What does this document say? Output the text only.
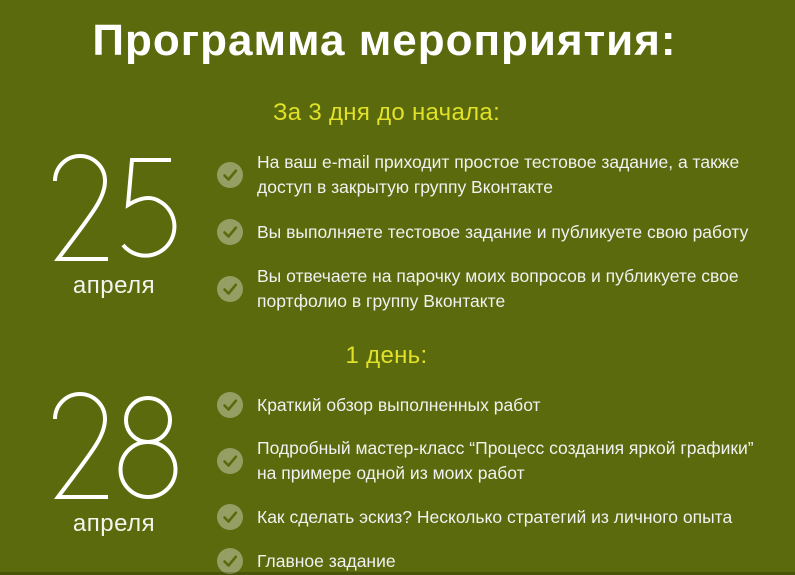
Программа мероприятия:
За 3 дня до начала:
апреля
На ваш e-mail приходит простое тестовое задание, а также доступ в закрытую группу Вконтакте
Вы выполняете тестовое задание и публикуете свою работу
Вы отвечаете на парочку моих вопросов и публикуете свое портфолио в группу Вконтакте
1 день:
апреля
Краткий обзор выполненных работ
Подробный мастер-класс “Процесс создания яркой графики” на примере одной из моих работ
Как сделать эскиз? Несколько стратегий из личного опыта
Главное задание
